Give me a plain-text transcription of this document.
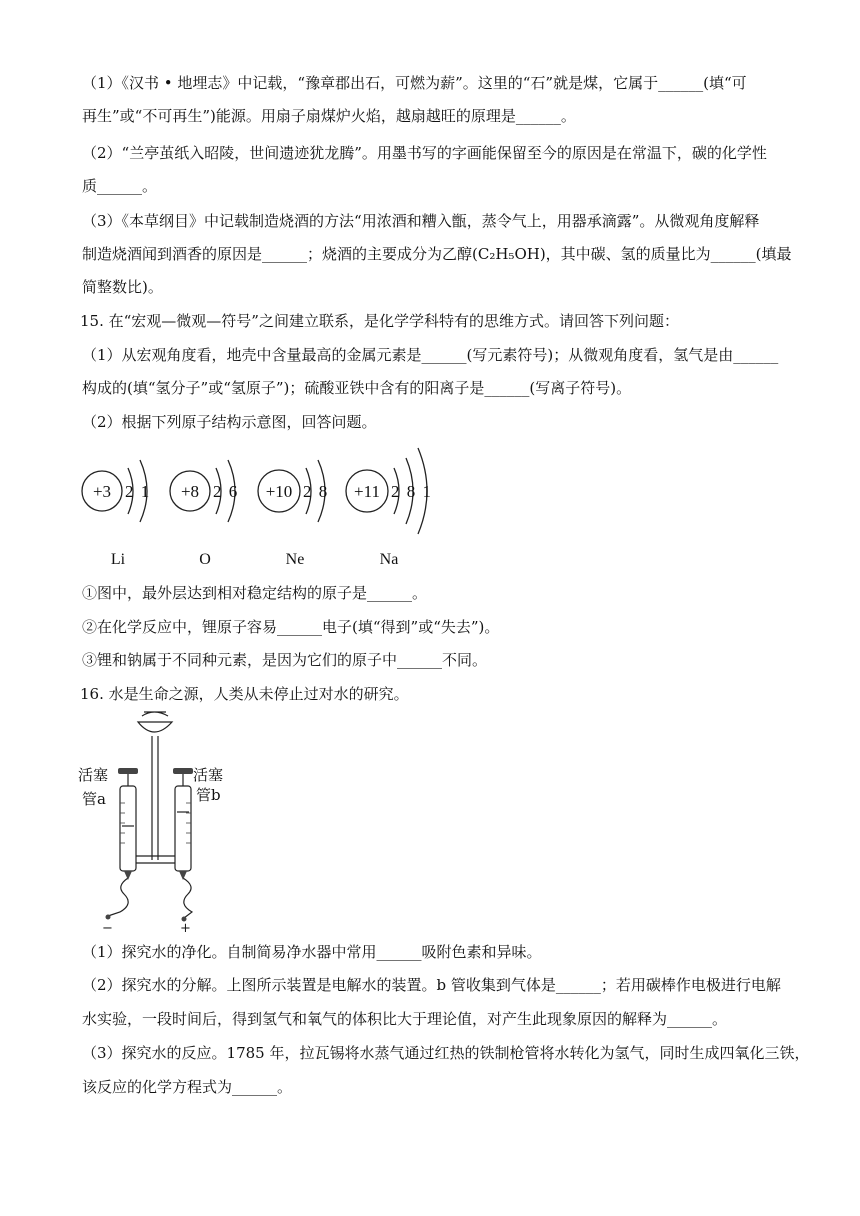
（1）《汉书 • 地埋志》中记载，“豫章郡出石，可燃为薪”。这里的“石”就是煤，它属于______(填“可
再生”或“不可再生”)能源。用扇子扇煤炉火焰，越扇越旺的原理是______。
（2）“兰亭茧纸入昭陵，世间遗迹犹龙腾”。用墨书写的字画能保留至今的原因是在常温下，碳的化学性
质______。
（3）《本草纲目》中记载制造烧酒的方法“用浓酒和糟入甑，蒸令气上，用器承滴露”。从微观角度解释
制造烧酒闻到酒香的原因是______；烧酒的主要成分为乙醇(C₂H₅OH)，其中碳、氢的质量比为______(填最
简整数比)。
15. 在“宏观—微观—符号”之间建立联系，是化学学科特有的思维方式。请回答下列问题：
（1）从宏观角度看，地壳中含量最高的金属元素是______(写元素符号)；从微观角度看，氢气是由______
构成的(填“氢分子”或“氢原子”)；硫酸亚铁中含有的阳离子是______(写离子符号)。
（2）根据下列原子结构示意图，回答问题。
+3 2 1 +8 2 6 +10 2 8 +11 2 8 1
Li	O	Ne	Na
①图中，最外层达到相对稳定结构的原子是______。
②在化学反应中，锂原子容易______电子(填“得到”或“失去”)。
③锂和钠属于不同种元素，是因为它们的原子中______不同。
16. 水是生命之源，人类从未停止过对水的研究。
活塞	活塞
管a	管b
−	+
（1）探究水的净化。自制简易净水器中常用______吸附色素和异味。
（2）探究水的分解。上图所示装置是电解水的装置。b 管收集到气体是______；若用碳棒作电极进行电解
水实验，一段时间后，得到氢气和氧气的体积比大于理论值，对产生此现象原因的解释为______。
（3）探究水的反应。1785 年，拉瓦锡将水蒸气通过红热的铁制枪管将水转化为氢气，同时生成四氧化三铁，
该反应的化学方程式为______。
